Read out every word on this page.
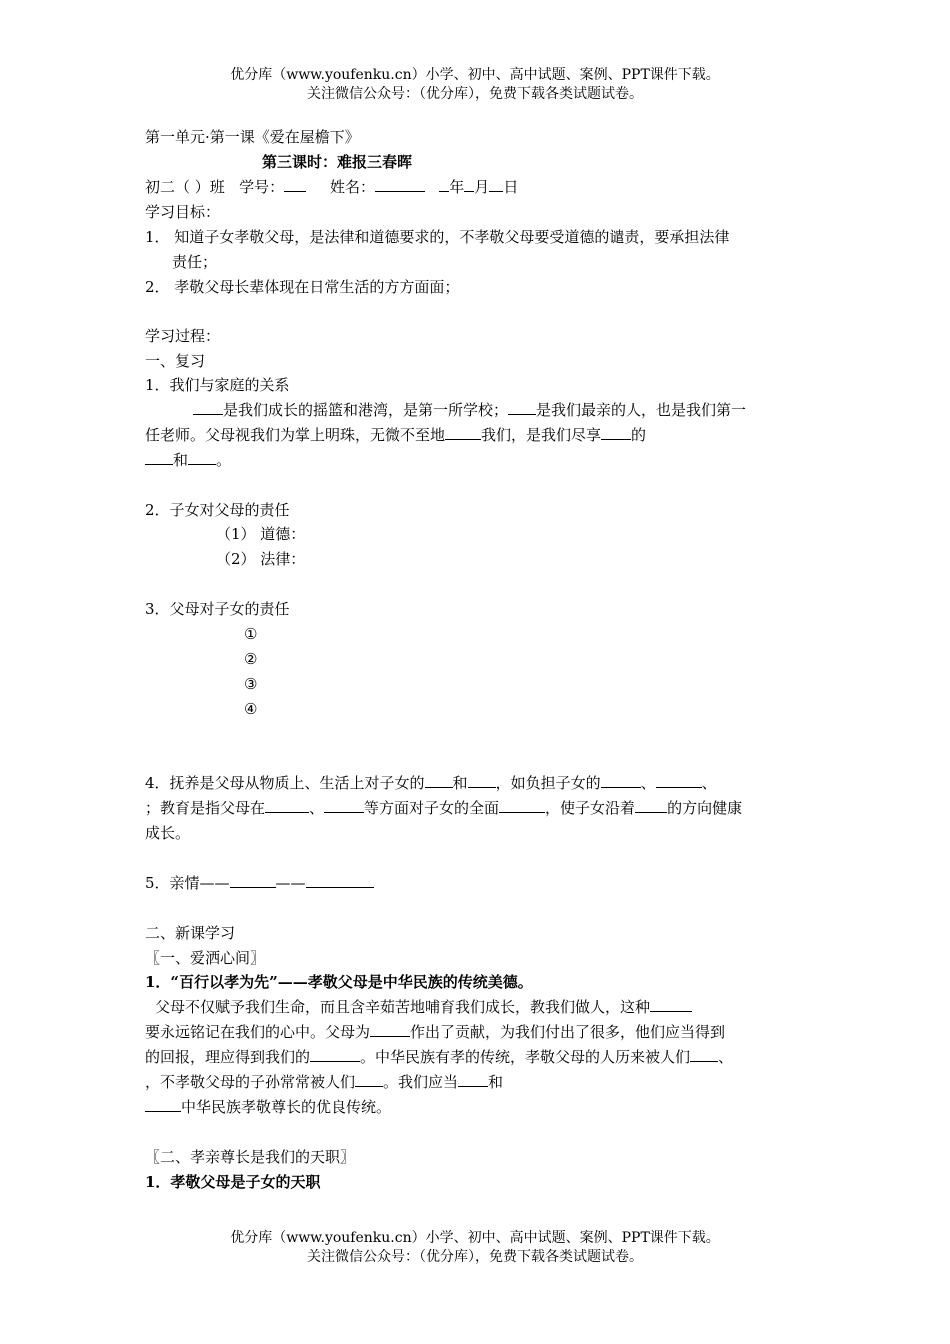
优分库（www.youfenku.cn）小学、初中、高中试题、案例、PPT课件下载。
关注微信公众号：（优分库），免费下载各类试题试卷。
第一单元·第一课《爱在屋檐下》
第三课时：难报三春晖
初二（ ）班 学号：	姓名：	年 月 日
学习目标：
1． 知道子女孝敬父母，是法律和道德要求的，不孝敬父母要受道德的谴责，要承担法律
责任；
2． 孝敬父母长辈体现在日常生活的方方面面；
学习过程：
一、复习
1．我们与家庭的关系
是我们成长的摇篮和港湾，是第一所学校； 是我们最亲的人，也是我们第一
任老师。父母视我们为掌上明珠，无微不至地 我们，是我们尽享 的
和 。
2．子女对父母的责任
（1） 道德：
（2） 法律：
3．父母对子女的责任
①
②
③
④
4．抚养是父母从物质上、生活上对子女的 和 ，如负担子女的	、	、
；教育是指父母在	、	等方面对子女的全面	，使子女沿着 的方向健康
成长。
5．亲情——	——
二、新课学习
〖一、爱洒心间〗
1．“百行以孝为先”——孝敬父母是中华民族的传统美德。
父母不仅赋予我们生命，而且含辛茹苦地哺育我们成长，教我们做人，这种
要永远铭记在我们的心中。父母为	作出了贡献，为我们付出了很多，他们应当得到
的回报，理应得到我们的	。中华民族有孝的传统，孝敬父母的人历来被人们 、
，不孝敬父母的子孙常常被人们 。我们应当 和
中华民族孝敬尊长的优良传统。
〖二、孝亲尊长是我们的天职〗
1．孝敬父母是子女的天职
优分库（www.youfenku.cn）小学、初中、高中试题、案例、PPT课件下载。
关注微信公众号：（优分库），免费下载各类试题试卷。
